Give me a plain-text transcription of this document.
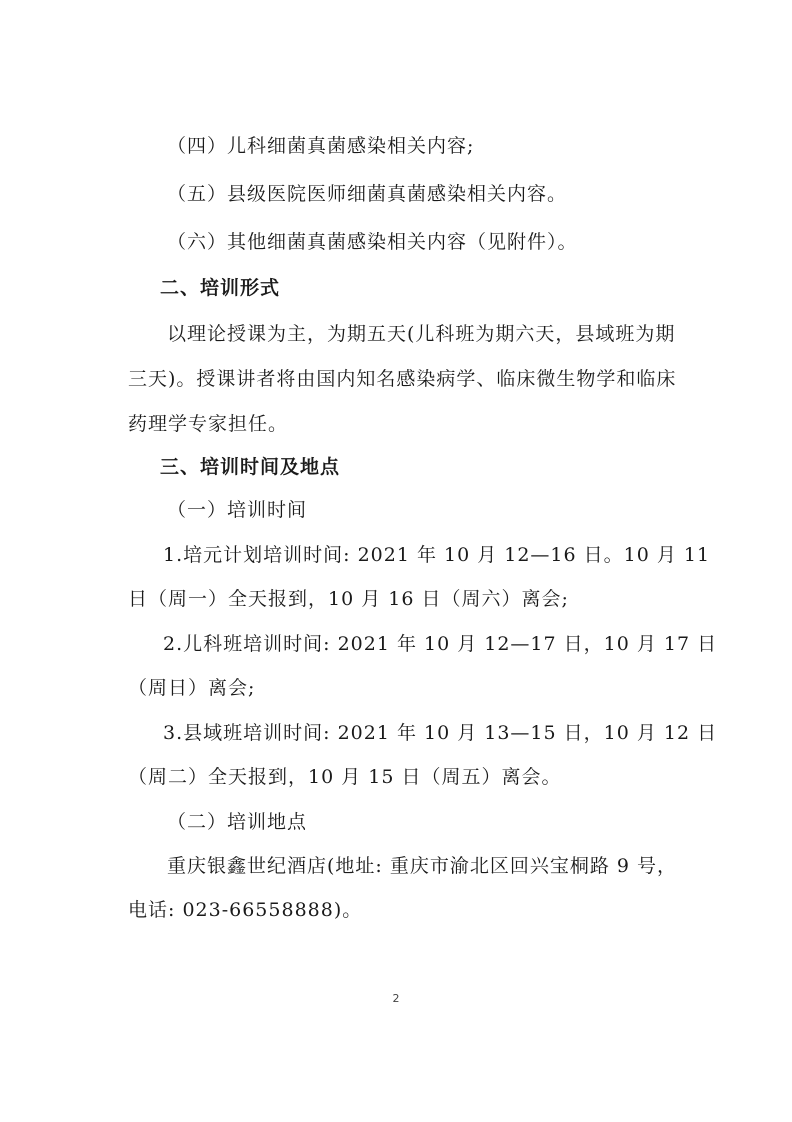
（四）儿科细菌真菌感染相关内容;
（五）县级医院医师细菌真菌感染相关内容。
（六）其他细菌真菌感染相关内容（见附件）。
二、培训形式
以理论授课为主，为期五天(儿科班为期六天，县域班为期
三天)。授课讲者将由国内知名感染病学、临床微生物学和临床
药理学专家担任。
三、培训时间及地点
（一）培训时间
1.培元计划培训时间: 2021 年 10 月 12—16 日。10 月 11
日（周一）全天报到，10 月 16 日（周六）离会;
2.儿科班培训时间: 2021 年 10 月 12—17 日，10 月 17 日
（周日）离会;
3.县域班培训时间: 2021 年 10 月 13—15 日，10 月 12 日
（周二）全天报到，10 月 15 日（周五）离会。
（二）培训地点
重庆银鑫世纪酒店(地址: 重庆市渝北区回兴宝桐路 9 号，
电话: 023-66558888)。
2
